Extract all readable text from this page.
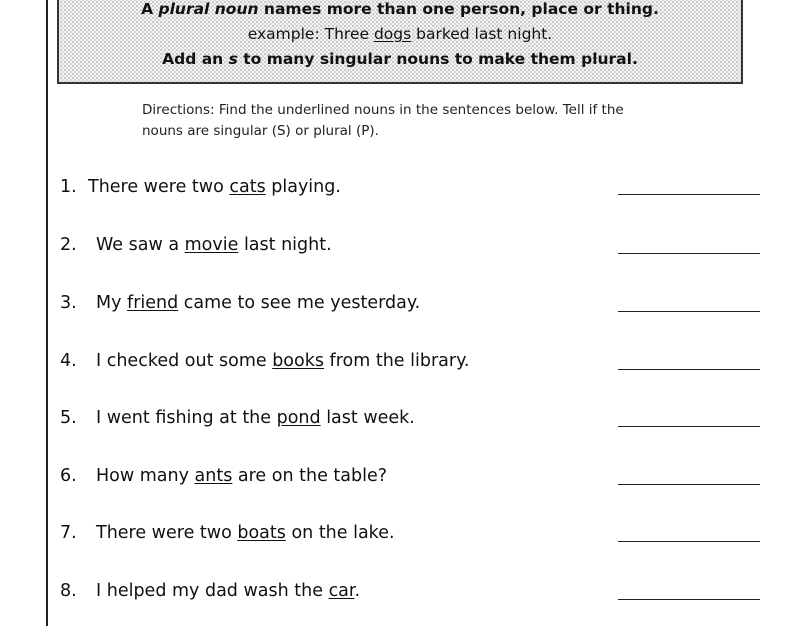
A plural noun names more than one person, place or thing.
example: Three dogs barked last night.
Add an s to many singular nouns to make them plural.
Directions: Find the underlined nouns in the sentences below. Tell if the
nouns are singular (S) or plural (P).
1. There were two cats playing.
2. We saw a movie last night.
3. My friend came to see me yesterday.
4. I checked out some books from the library.
5. I went fishing at the pond last week.
6. How many ants are on the table?
7. There were two boats on the lake.
8. I helped my dad wash the car.
